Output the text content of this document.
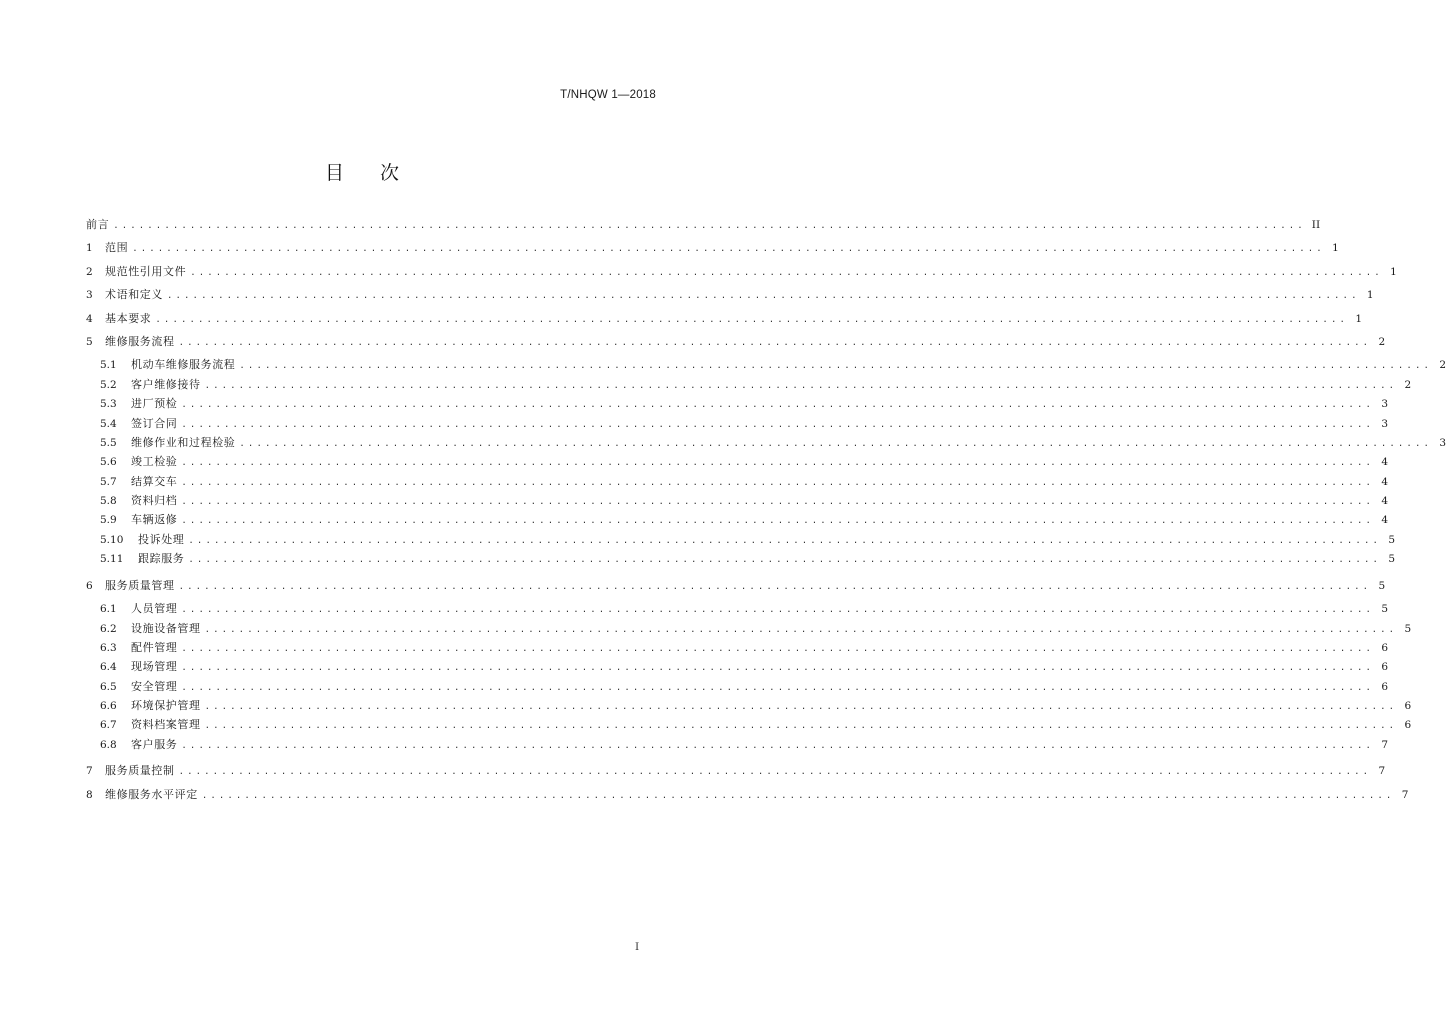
T/NHQW 1—2018
目次
前言 ............................................................................................................................................ II
1	范围 ............................................................................................................................................ 1
2	规范性引用文件 ............................................................................................................................................ 1
3	术语和定义 ............................................................................................................................................ 1
4	基本要求 ............................................................................................................................................ 1
5	维修服务流程 ............................................................................................................................................ 2
5.1	机动车维修服务流程 ............................................................................................................................................ 2
5.2	客户维修接待 ............................................................................................................................................ 2
5.3	进厂预检 ............................................................................................................................................ 3
5.4	签订合同 ............................................................................................................................................ 3
5.5	维修作业和过程检验 ............................................................................................................................................ 3
5.6	竣工检验 ............................................................................................................................................ 4
5.7	结算交车 ............................................................................................................................................ 4
5.8	资料归档 ............................................................................................................................................ 4
5.9	车辆返修 ............................................................................................................................................ 4
5.10	投诉处理 ............................................................................................................................................ 5
5.11	跟踪服务 ............................................................................................................................................ 5
6	服务质量管理 ............................................................................................................................................ 5
6.1	人员管理 ............................................................................................................................................ 5
6.2	设施设备管理 ............................................................................................................................................ 5
6.3	配件管理 ............................................................................................................................................ 6
6.4	现场管理 ............................................................................................................................................ 6
6.5	安全管理 ............................................................................................................................................ 6
6.6	环境保护管理 ............................................................................................................................................ 6
6.7	资料档案管理 ............................................................................................................................................ 6
6.8	客户服务 ............................................................................................................................................ 7
7	服务质量控制 ............................................................................................................................................ 7
8	维修服务水平评定 ............................................................................................................................................ 7
I
